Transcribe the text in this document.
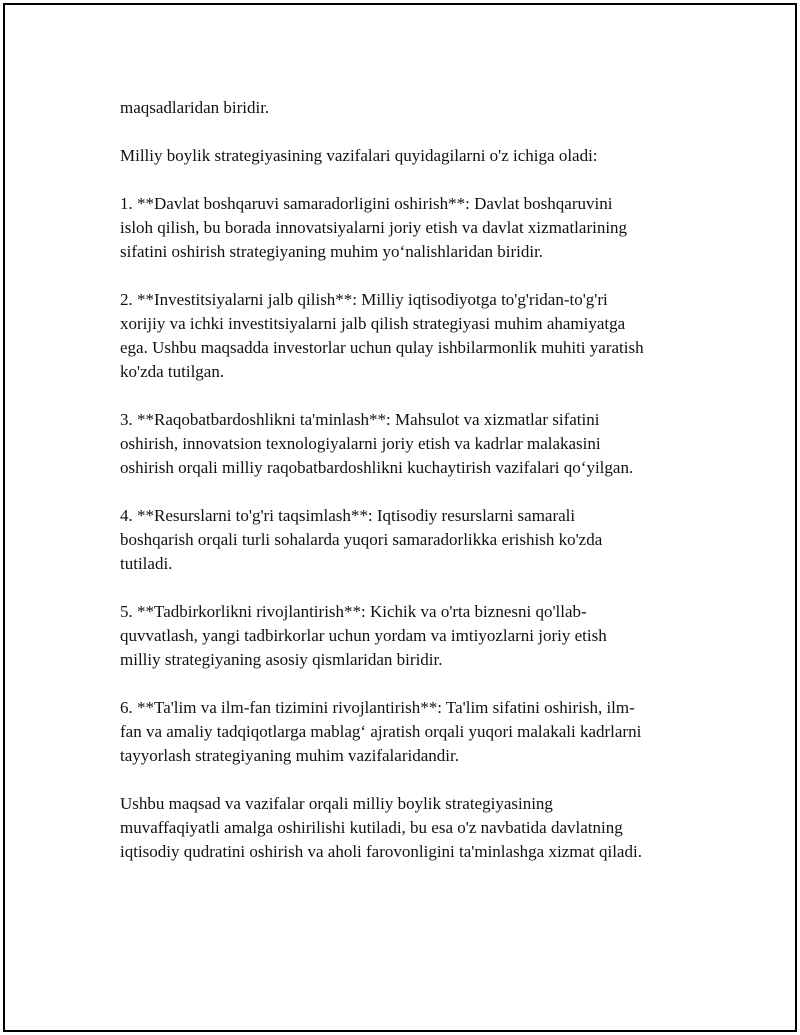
maqsadlaridan biridir.

Milliy boylik strategiyasining vazifalari quyidagilarni o'z ichiga oladi:

1. **Davlat boshqaruvi samaradorligini oshirish**: Davlat boshqaruvini
isloh qilish, bu borada innovatsiyalarni joriy etish va davlat xizmatlarining
sifatini oshirish strategiyaning muhim yo‘nalishlaridan biridir.

2. **Investitsiyalarni jalb qilish**: Milliy iqtisodiyotga to'g'ridan-to'g'ri
xorijiy va ichki investitsiyalarni jalb qilish strategiyasi muhim ahamiyatga
ega. Ushbu maqsadda investorlar uchun qulay ishbilarmonlik muhiti yaratish
ko'zda tutilgan.

3. **Raqobatbardoshlikni ta'minlash**: Mahsulot va xizmatlar sifatini
oshirish, innovatsion texnologiyalarni joriy etish va kadrlar malakasini
oshirish orqali milliy raqobatbardoshlikni kuchaytirish vazifalari qo‘yilgan.

4. **Resurslarni to'g'ri taqsimlash**: Iqtisodiy resurslarni samarali
boshqarish orqali turli sohalarda yuqori samaradorlikka erishish ko'zda
tutiladi.

5. **Tadbirkorlikni rivojlantirish**: Kichik va o'rta biznesni qo'llab-
quvvatlash, yangi tadbirkorlar uchun yordam va imtiyozlarni joriy etish
milliy strategiyaning asosiy qismlaridan biridir.

6. **Ta'lim va ilm-fan tizimini rivojlantirish**: Ta'lim sifatini oshirish, ilm-
fan va amaliy tadqiqotlarga mablag‘ ajratish orqali yuqori malakali kadrlarni
tayyorlash strategiyaning muhim vazifalaridandir.

Ushbu maqsad va vazifalar orqali milliy boylik strategiyasining
muvaffaqiyatli amalga oshirilishi kutiladi, bu esa o'z navbatida davlatning
iqtisodiy qudratini oshirish va aholi farovonligini ta'minlashga xizmat qiladi.
